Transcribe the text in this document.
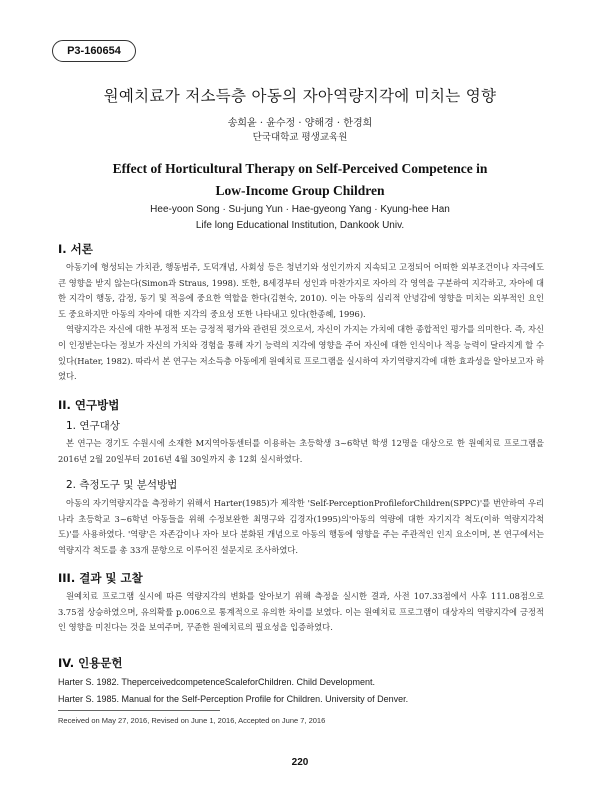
P3-160654
원예치료가 저소득층 아동의 자아역량지각에 미치는 영향
송희윤 · 윤수정 · 양해경 · 한경희
단국대학교 평생교육원
Effect of Horticultural Therapy on Self-Perceived Competence in
Low-Income Group Children
Hee-yoon Song · Su-jung Yun · Hae-gyeong Yang · Kyung-hee Han
Life long Educational Institution, Dankook Univ.
I. 서론

아동기에 형성되는 가치관, 행동범주, 도덕개념, 사회성 등은 청년기와 성인기까지 지속되고 고정되어 어떠한 외부조건이나 자극에도 큰 영향을 받지 않는다(Simon과 Straus, 1998). 또한, 8세경부터 성인과 마찬가지로 자아의 각 영역을 구분하여 지각하고, 자아에 대한 지각이 행동, 감정, 동기 및 적응에 중요한 역할을 한다(김현숙, 2010). 이는 아동의 심리적 안녕감에 영향을 미치는 외부적인 요인도 중요하지만 아동의 자아에 대한 지각의 중요성 또한 나타내고 있다(한종혜, 1996).

역량지각은 자신에 대한 부정적 또는 긍정적 평가와 관련된 것으로서, 자신이 가지는 가치에 대한 종합적인 평가를 의미한다. 즉, 자신이 인정받는다는 정보가 자신의 가치와 경험을 통해 자기 능력의 지각에 영향을 주어 자신에 대한 인식이나 적응 능력이 달라지게 할 수 있다(Hater, 1982). 따라서 본 연구는 저소득층 아동에게 원예치료 프로그램을 실시하여 자기역량지각에 대한 효과성을 알아보고자 하였다.

II. 연구방법
1. 연구대상

본 연구는 경기도 수원시에 소재한 M지역아동센터를 이용하는 초등학생 3~6학년 학생 12명을 대상으로 한 원예치료 프로그램을 2016년 2월 20일부터 2016년 4월 30일까지 총 12회 실시하였다.

2. 측정도구 및 분석방법

아동의 자기역량지각을 측정하기 위해서 Harter(1985)가 제작한 'Self-PerceptionProfileforChildren(SPPC)'를 번안하여 우리나라 초등학교 3~6학년 아동들을 위해 수정보완한 최명구와 김경자(1995)의'아동의 역량에 대한 자기지각 척도(이하 역량지각척도)'를 사용하였다. '역량'은 자존감이나 자아 보다 분화된 개념으로 아동의 행동에 영향을 주는 주관적인 인지 요소이며, 본 연구에서는 역량지각 척도를 총 33개 문항으로 이루어진 설문지로 조사하였다.

III. 결과 및 고찰

원예치료 프로그램 실시에 따른 역량지각의 변화를 알아보기 위해 측정을 실시한 결과, 사전 107.33점에서 사후 111.08점으로 3.75점 상승하였으며, 유의확률 p.006으로 통계적으로 유의한 차이를 보였다. 이는 원예치료 프로그램이 대상자의 역량지각에 긍정적인 영향을 미친다는 것을 보여주며, 꾸준한 원예치료의 필요성을 입증하였다.

IV. 인용문헌
Harter S. 1982. TheperceivedcompetenceScaleforChildren. Child Development.
Harter S. 1985. Manual for the Self-Perception Profile for Children. University of Denver.
Received on May 27, 2016, Revised on June 1, 2016, Accepted on June 7, 2016
220
